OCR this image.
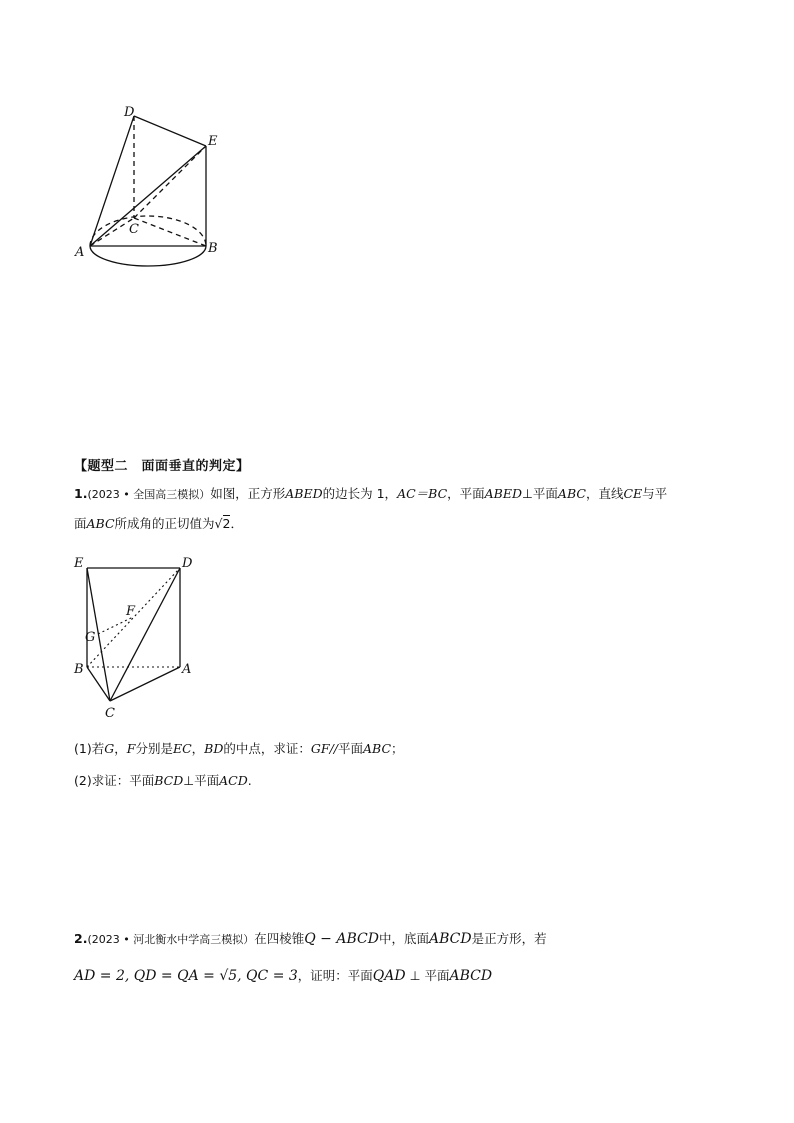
D
E
C
A	B
【题型二　面面垂直的判定】
1.(2023 • 全国高三模拟）如图，正方形ABED的边长为 1，AC＝BC，平面ABED⊥平面ABC，直线CE与平
面ABC所成角的正切值为√2．
E	D
F
G
B	A
C
(1)若G，F分别是EC，BD的中点，求证：GF//平面ABC；
(2)求证：平面BCD⊥平面ACD.
2.(2023 • 河北衡水中学高三模拟）在四棱锥Q − ABCD中，底面ABCD是正方形，若
AD = 2, QD = QA = √5, QC = 3，证明：平面QAD ⊥ 平面ABCD
